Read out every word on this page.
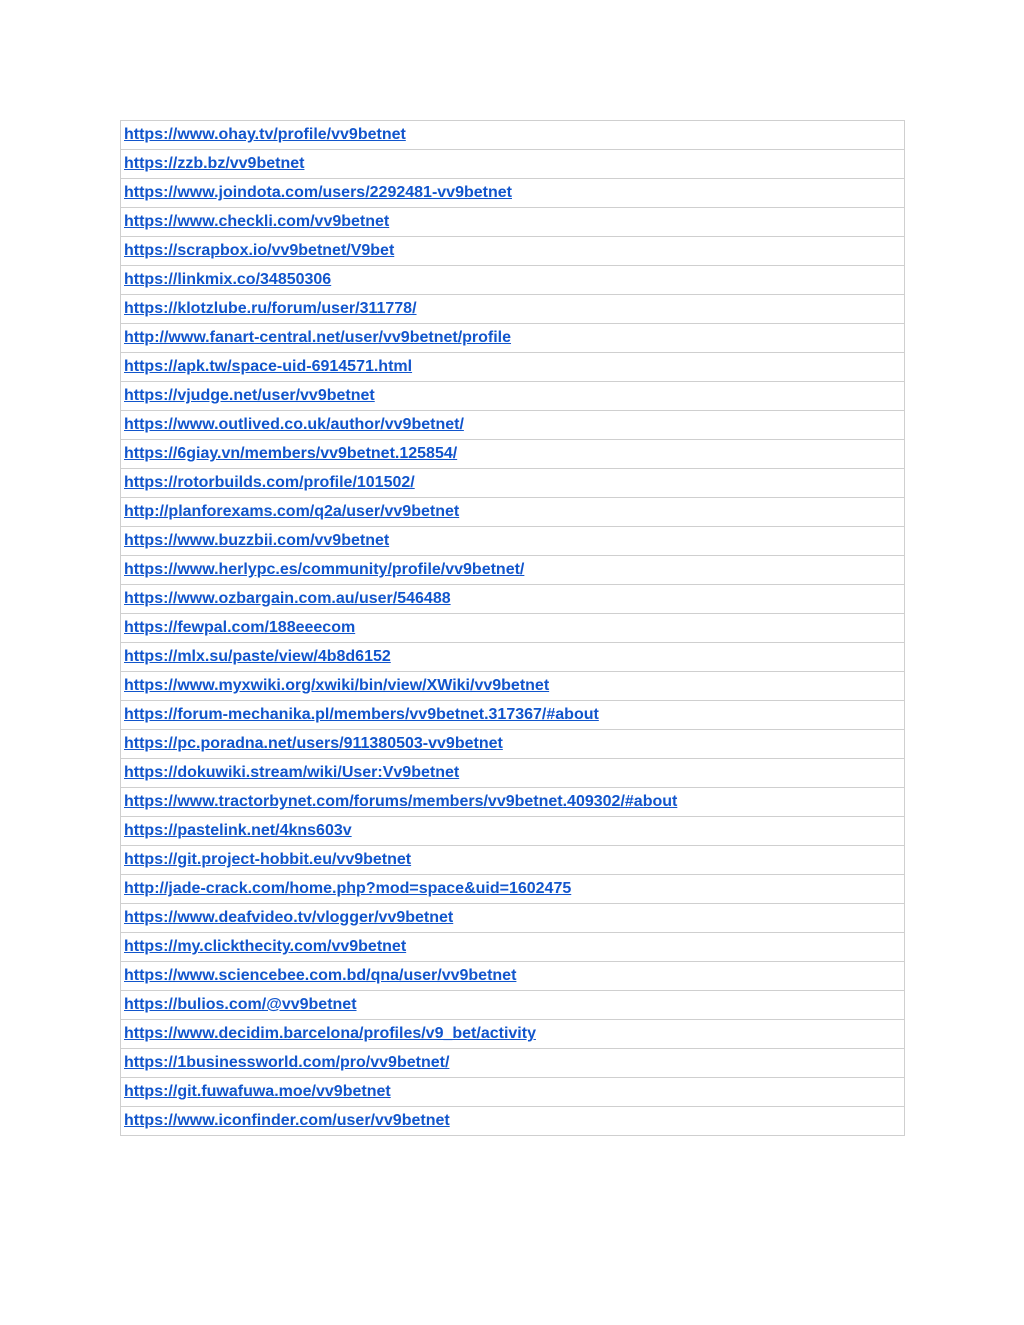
https://www.ohay.tv/profile/vv9betnet
https://zzb.bz/vv9betnet
https://www.joindota.com/users/2292481-vv9betnet
https://www.checkli.com/vv9betnet
https://scrapbox.io/vv9betnet/V9bet
https://linkmix.co/34850306
https://klotzlube.ru/forum/user/311778/
http://www.fanart-central.net/user/vv9betnet/profile
https://apk.tw/space-uid-6914571.html
https://vjudge.net/user/vv9betnet
https://www.outlived.co.uk/author/vv9betnet/
https://6giay.vn/members/vv9betnet.125854/
https://rotorbuilds.com/profile/101502/
http://planforexams.com/q2a/user/vv9betnet
https://www.buzzbii.com/vv9betnet
https://www.herlypc.es/community/profile/vv9betnet/
https://www.ozbargain.com.au/user/546488
https://fewpal.com/188eeecom
https://mlx.su/paste/view/4b8d6152
https://www.myxwiki.org/xwiki/bin/view/XWiki/vv9betnet
https://forum-mechanika.pl/members/vv9betnet.317367/#about
https://pc.poradna.net/users/911380503-vv9betnet
https://dokuwiki.stream/wiki/User:Vv9betnet
https://www.tractorbynet.com/forums/members/vv9betnet.409302/#about
https://pastelink.net/4kns603v
https://git.project-hobbit.eu/vv9betnet
http://jade-crack.com/home.php?mod=space&uid=1602475
https://www.deafvideo.tv/vlogger/vv9betnet
https://my.clickthecity.com/vv9betnet
https://www.sciencebee.com.bd/qna/user/vv9betnet
https://bulios.com/@vv9betnet
https://www.decidim.barcelona/profiles/v9_bet/activity
https://1businessworld.com/pro/vv9betnet/
https://git.fuwafuwa.moe/vv9betnet
https://www.iconfinder.com/user/vv9betnet
